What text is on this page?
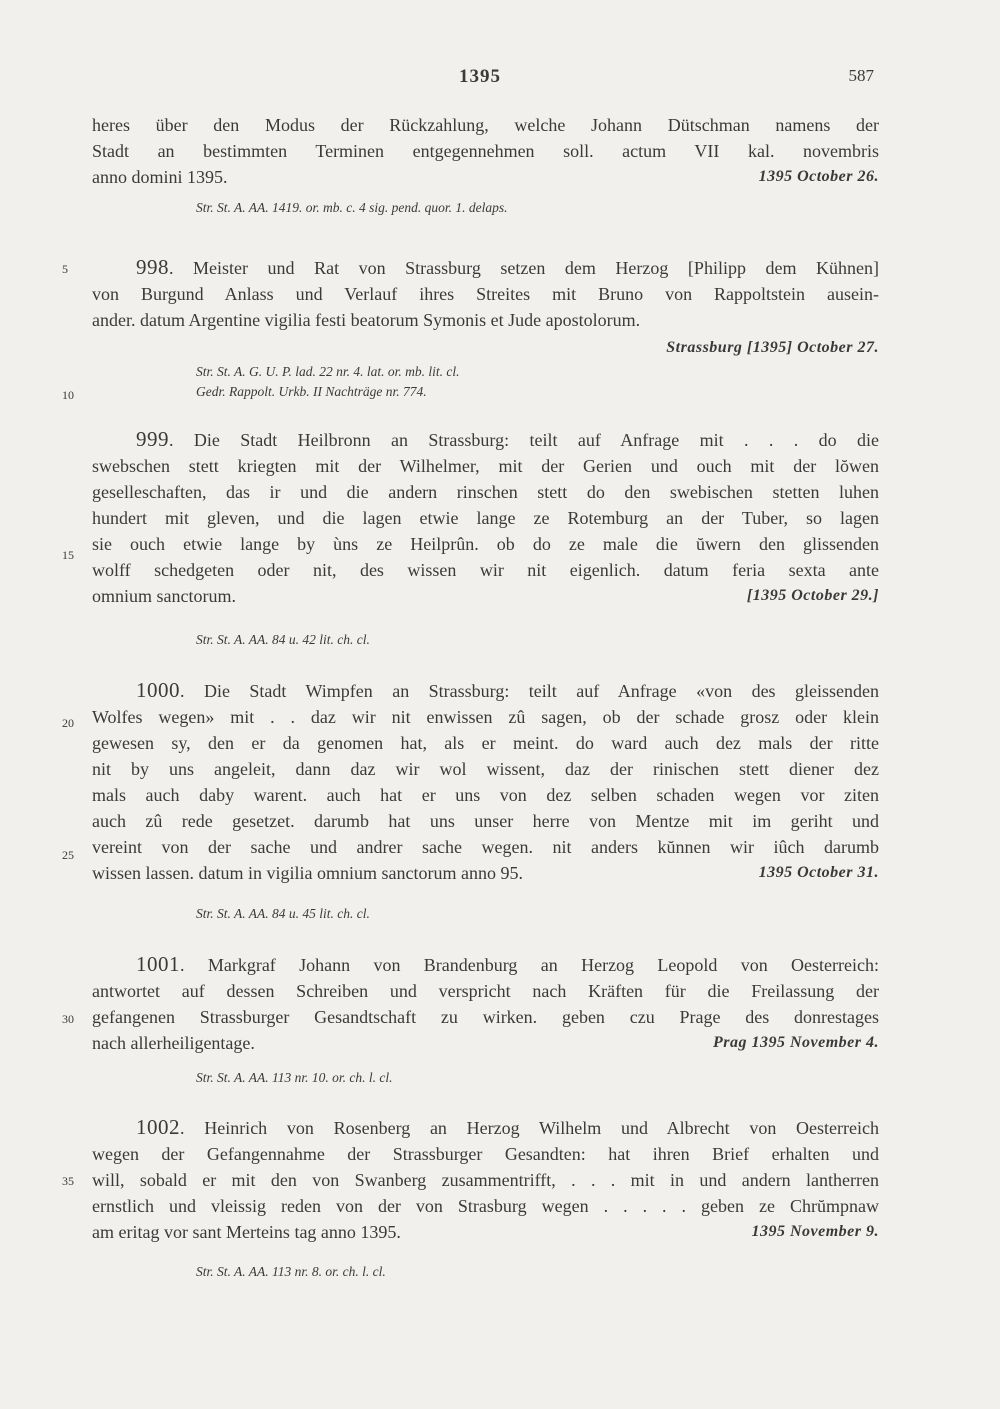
1395	587
5
10
15
20
25
30
35
heres über den Modus der Rückzahlung, welche Johann Dütschman namens der
Stadt an bestimmten Terminen entgegennehmen soll. actum VII kal. novembris
anno domini 1395.	1395 October 26.
Str. St. A. AA. 1419. or. mb. c. 4 sig. pend. quor. 1. delaps.
998. Meister und Rat von Strassburg setzen dem Herzog [Philipp dem Kühnen]
von Burgund Anlass und Verlauf ihres Streites mit Bruno von Rappoltstein ausein-
ander. datum Argentine vigilia festi beatorum Symonis et Jude apostolorum.
Strassburg [1395] October 27.
Str. St. A. G. U. P. lad. 22 nr. 4. lat. or. mb. lit. cl.
Gedr. Rappolt. Urkb. II Nachträge nr. 774.
999. Die Stadt Heilbronn an Strassburg: teilt auf Anfrage mit . . . do die
swebschen stett kriegten mit der Wilhelmer, mit der Gerien und ouch mit der lŏwen
geselleschaften, das ir und die andern rinschen stett do den swebischen stetten luhen
hundert mit gleven, und die lagen etwie lange ze Rotemburg an der Tuber, so lagen
sie ouch etwie lange by ùns ze Heilprûn. ob do ze male die ŭwern den glissenden
wolff schedgeten oder nit, des wissen wir nit eigenlich. datum feria sexta ante
omnium sanctorum.	[1395 October 29.]
Str. St. A. AA. 84 u. 42 lit. ch. cl.
1000. Die Stadt Wimpfen an Strassburg: teilt auf Anfrage «von des gleissenden
Wolfes wegen» mit . . daz wir nit enwissen zû sagen, ob der schade grosz oder klein
gewesen sy, den er da genomen hat, als er meint. do ward auch dez mals der ritte
nit by uns angeleit, dann daz wir wol wissent, daz der rinischen stett diener dez
mals auch daby warent. auch hat er uns von dez selben schaden wegen vor ziten
auch zû rede gesetzet. darumb hat uns unser herre von Mentze mit im geriht und
vereint von der sache und andrer sache wegen. nit anders kŭnnen wir iûch darumb
wissen lassen. datum in vigilia omnium sanctorum anno 95.	1395 October 31.
Str. St. A. AA. 84 u. 45 lit. ch. cl.
1001. Markgraf Johann von Brandenburg an Herzog Leopold von Oesterreich:
antwortet auf dessen Schreiben und verspricht nach Kräften für die Freilassung der
gefangenen Strassburger Gesandtschaft zu wirken. geben czu Prage des donrestages
nach allerheiligentage.	Prag 1395 November 4.
Str. St. A. AA. 113 nr. 10. or. ch. l. cl.
1002. Heinrich von Rosenberg an Herzog Wilhelm und Albrecht von Oesterreich
wegen der Gefangennahme der Strassburger Gesandten: hat ihren Brief erhalten und
will, sobald er mit den von Swanberg zusammentrifft, . . . mit in und andern lantherren
ernstlich und vleissig reden von der von Strasburg wegen . . . . . geben ze Chrŭmpnaw
am eritag vor sant Merteins tag anno 1395.	1395 November 9.
Str. St. A. AA. 113 nr. 8. or. ch. l. cl.
